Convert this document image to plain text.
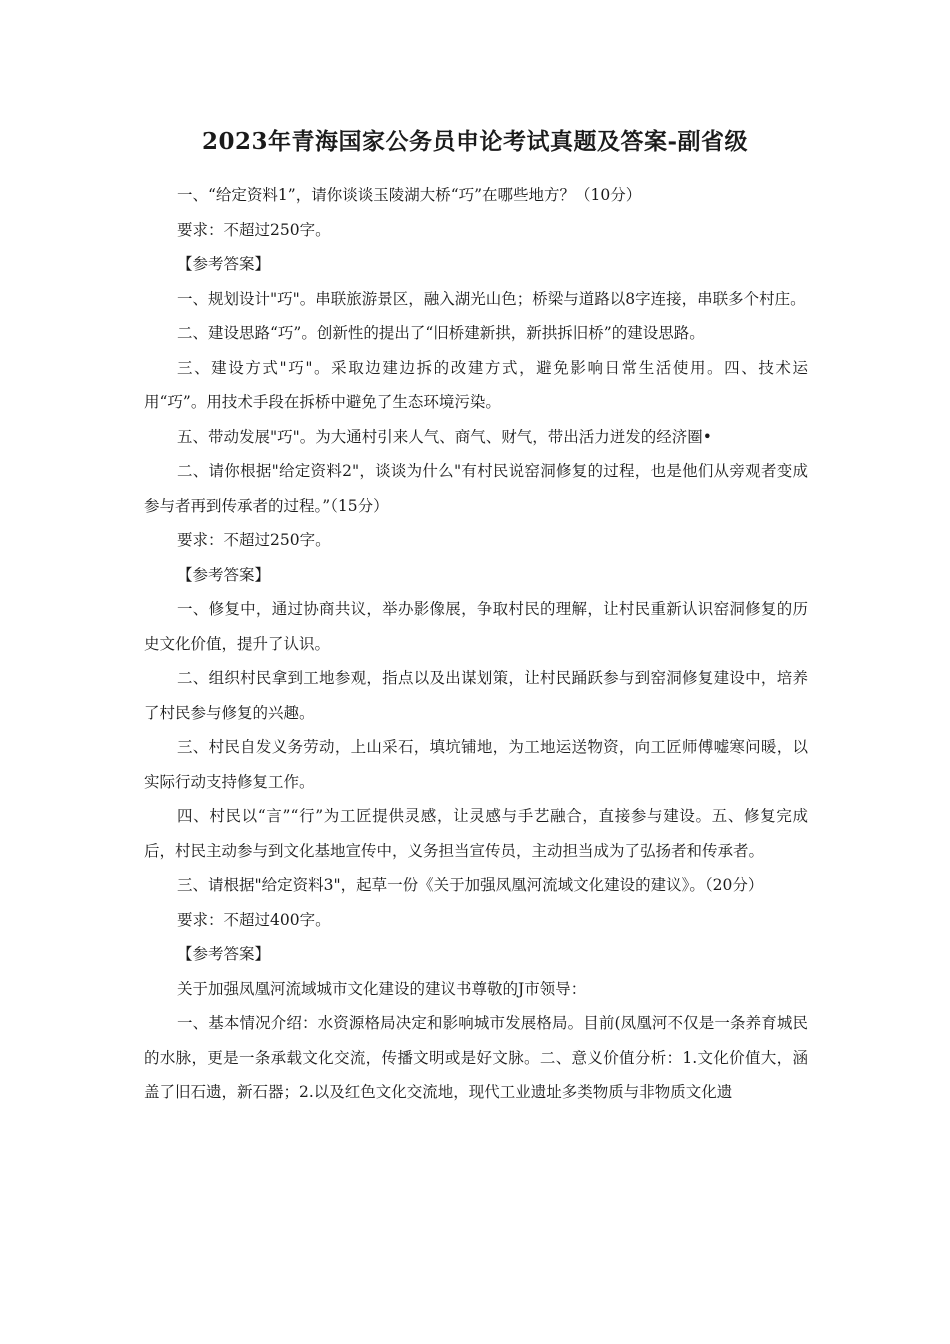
2023年青海国家公务员申论考试真题及答案-副省级

一、“给定资料1”，请你谈谈玉陵湖大桥“巧”在哪些地方？（10分）

要求：不超过250字。

【参考答案】

一、规划设计"巧"。串联旅游景区，融入湖光山色；桥梁与道路以8字连接，串联多个村庄。

二、建设思路“巧”。创新性的提出了“旧桥建新拱，新拱拆旧桥”的建设思路。

三、建设方式"巧"。采取边建边拆的改建方式，避免影响日常生活使用。四、技术运用“巧”。用技术手段在拆桥中避免了生态环境污染。

五、带动发展"巧"。为大通村引来人气、商气、财气，带出活力迸发的经济圈•

二、请你根据"给定资料2"，谈谈为什么"有村民说窑洞修复的过程，也是他们从旁观者变成参与者再到传承者的过程。”（15分）

要求：不超过250字。

【参考答案】

一、修复中，通过协商共议，举办影像展，争取村民的理解，让村民重新认识窑洞修复的历史文化价值，提升了认识。

二、组织村民拿到工地参观，指点以及出谋划策，让村民踊跃参与到窑洞修复建设中，培养了村民参与修复的兴趣。

三、村民自发义务劳动，上山采石，填坑铺地，为工地运送物资，向工匠师傅嘘寒问暖，以实际行动支持修复工作。

四、村民以“言”“行”为工匠提供灵感，让灵感与手艺融合，直接参与建设。五、修复完成后，村民主动参与到文化基地宣传中，义务担当宣传员，主动担当成为了弘扬者和传承者。

三、请根据"给定资料3"，起草一份《关于加强凤凰河流域文化建设的建议》。（20分）

要求：不超过400字。

【参考答案】

关于加强凤凰河流域城市文化建设的建议书尊敬的J市领导：

一、基本情况介绍：水资源格局决定和影响城市发展格局。目前(凤凰河不仅是一条养育城民的水脉，更是一条承载文化交流，传播文明或是好文脉。二、意义价值分析：1.文化价值大，涵盖了旧石遗，新石器；2.以及红色文化交流地，现代工业遗址多类物质与非物质文化遗
